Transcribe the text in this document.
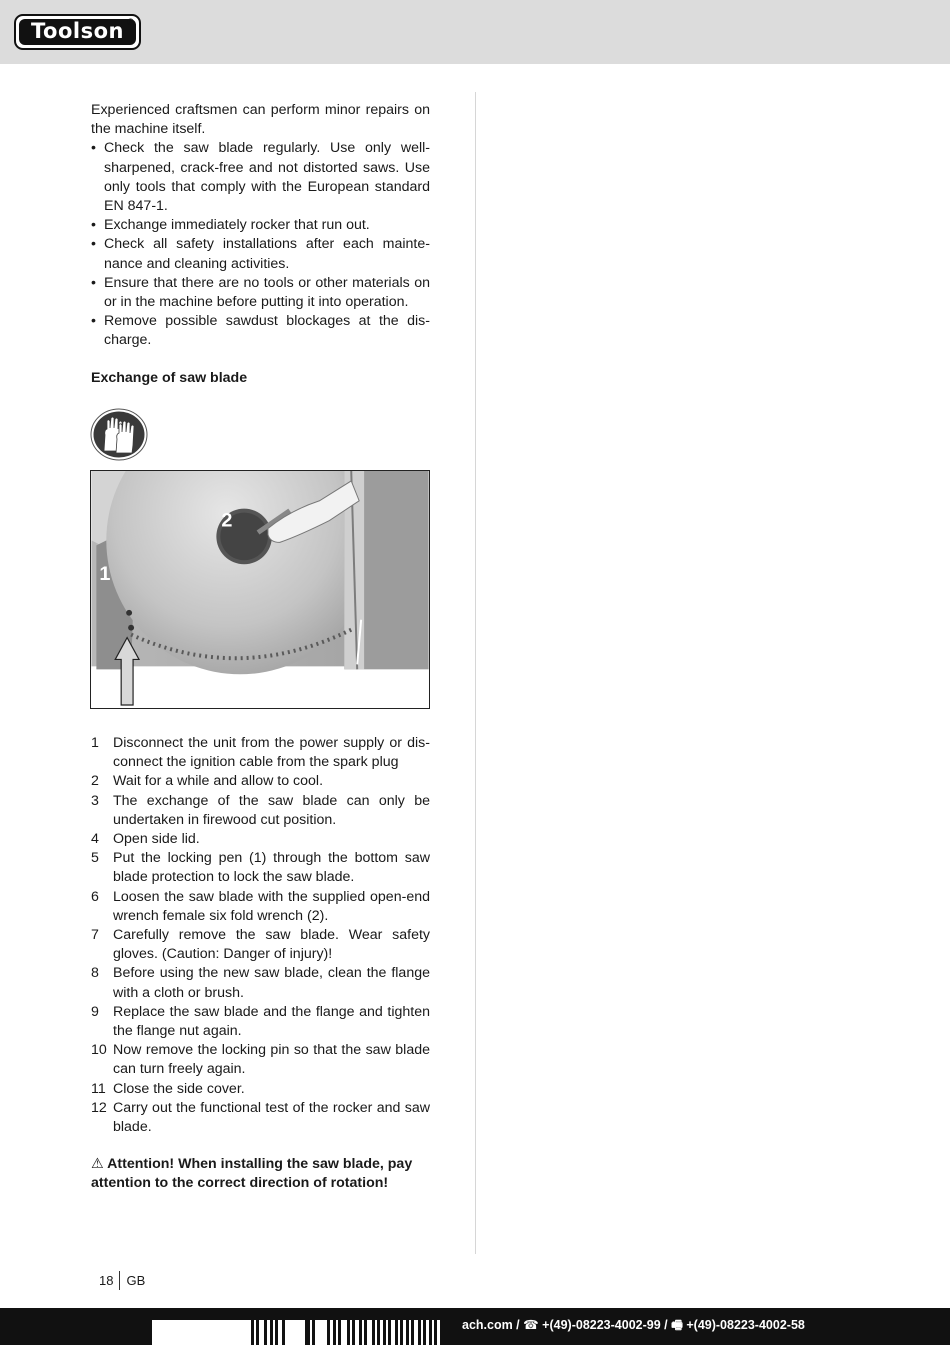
Toolson ®

Experienced craftsmen can perform minor repairs on the machine itself.

• Check the saw blade regularly. Use only well-sharpened, crack-free and not distorted saws. Use only tools that comply with the European standard EN 847-1.
• Exchange immediately rocker that run out.
• Check all safety installations after each mainte-nance and cleaning activities.
• Ensure that there are no tools or other materials on or in the machine before putting it into operation.
• Remove possible sawdust blockages at the dis-charge.
Exchange of saw blade
1
2
1 Disconnect the unit from the power supply or dis-connect the ignition cable from the spark plug
2 Wait for a while and allow to cool.
3 The exchange of the saw blade can only be undertaken in firewood cut position.
4 Open side lid.
5 Put the locking pen (1) through the bottom saw blade protection to lock the saw blade.
6 Loosen the saw blade with the supplied open-end wrench female six fold wrench (2).
7 Carefully remove the saw blade. Wear safety gloves. (Caution: Danger of injury)!
8 Before using the new saw blade, clean the flange with a cloth or brush.
9 Replace the saw blade and the flange and tighten the flange nut again.
10 Now remove the locking pin so that the saw blade can turn freely again.
11 Close the side cover.
12 Carry out the functional test of the rocker and saw blade.
⚠ Attention! When installing the saw blade, pay attention to the correct direction of rotation!
18	GB
ach.com / ☎ +(49)-08223-4002-99 / 🖷 +(49)-08223-4002-58
